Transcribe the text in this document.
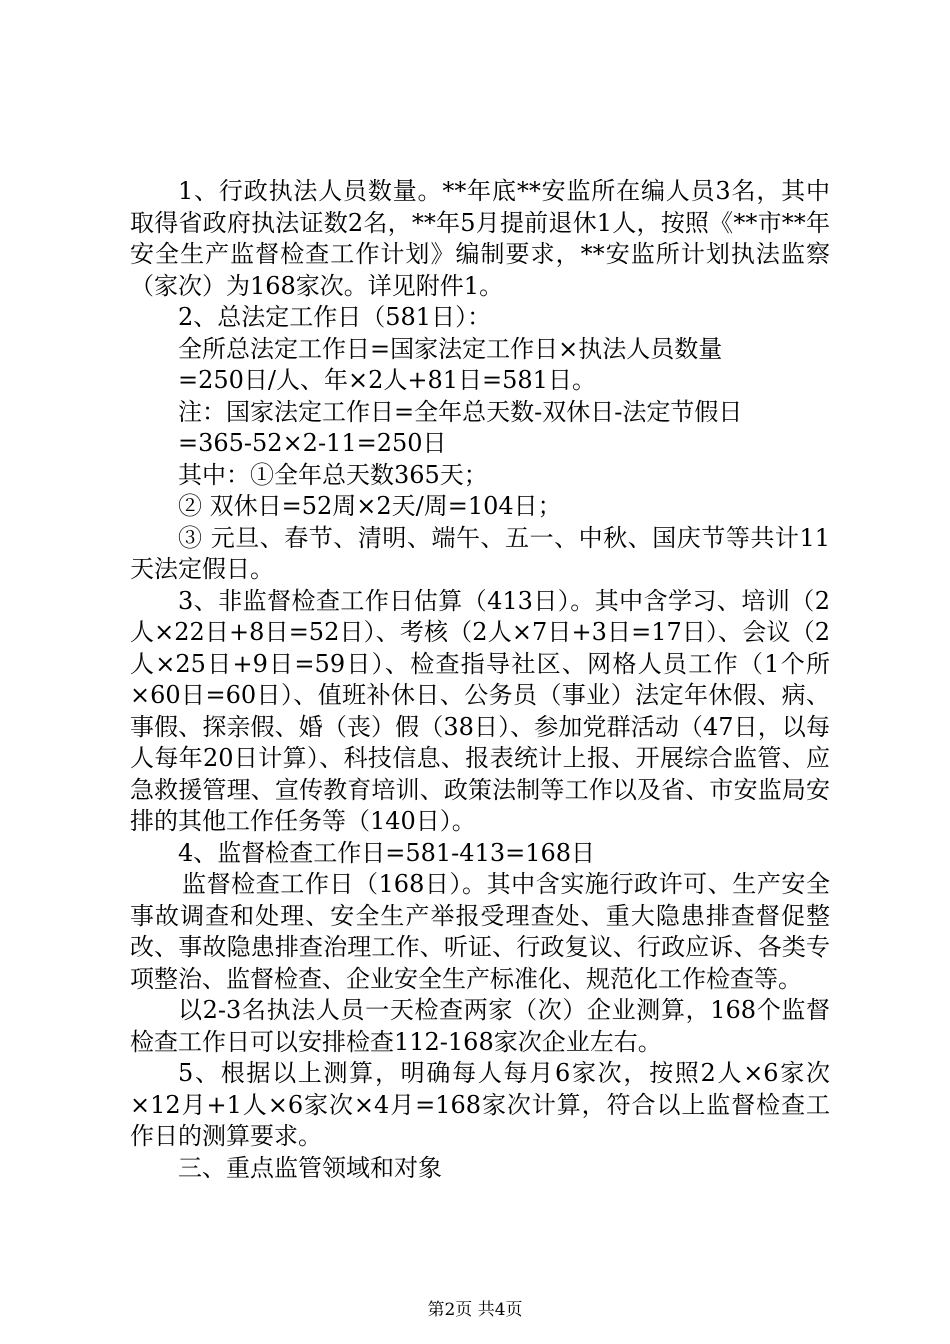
1、行政执法人员数量。**年底**安监所在编人员3名，其中取得省政府执法证数2名，**年5月提前退休1人，按照《**市**年安全生产监督检查工作计划》编制要求，**安监所计划执法监察（家次）为168家次。详见附件1。

2、总法定工作日（581日）：

全所总法定工作日=国家法定工作日×执法人员数量

=250日/人、年×2人+81日=581日。

注：国家法定工作日=全年总天数-双休日-法定节假日

=365-52×2-11=250日

其中：①全年总天数365天；

② 双休日=52周×2天/周=104日；

③ 元旦、春节、清明、端午、五一、中秋、国庆节等共计11天法定假日。

3、非监督检查工作日估算（413日）。其中含学习、培训（2人×22日+8日=52日）、考核（2人×7日+3日=17日）、会议（2人×25日+9日=59日）、检查指导社区、网格人员工作（1个所×60日=60日）、值班补休日、公务员（事业）法定年休假、病、事假、探亲假、婚（丧）假（38日）、参加党群活动（47日，以每人每年20日计算）、科技信息、报表统计上报、开展综合监管、应急救援管理、宣传教育培训、政策法制等工作以及省、市安监局安排的其他工作任务等（140日）。

4、监督检查工作日=581-413=168日

监督检查工作日（168日）。其中含实施行政许可、生产安全事故调查和处理、安全生产举报受理查处、重大隐患排查督促整改、事故隐患排查治理工作、听证、行政复议、行政应诉、各类专项整治、监督检查、企业安全生产标准化、规范化工作检查等。

以2-3名执法人员一天检查两家（次）企业测算，168个监督检查工作日可以安排检查112-168家次企业左右。

5、根据以上测算，明确每人每月6家次，按照2人×6家次×12月+1人×6家次×4月=168家次计算，符合以上监督检查工作日的测算要求。

三、重点监管领域和对象

第2页 共4页
